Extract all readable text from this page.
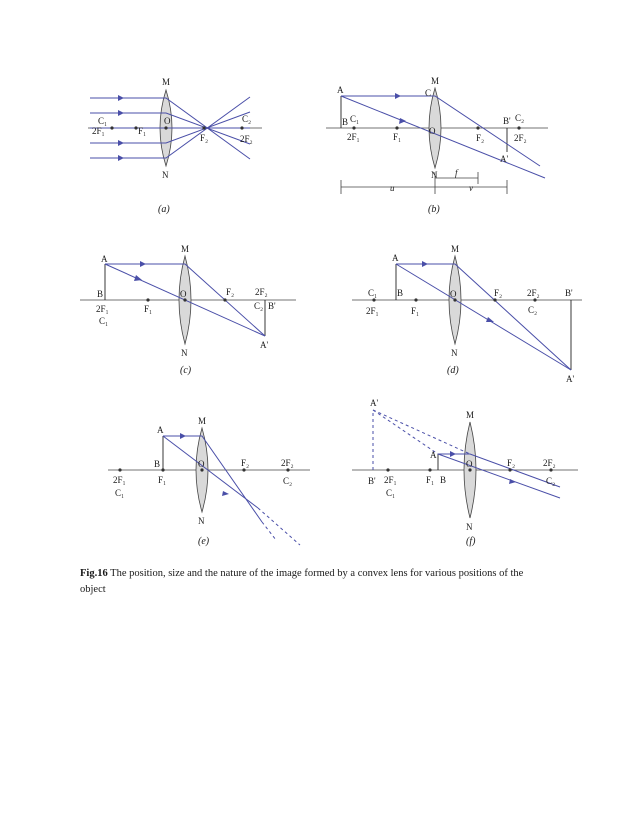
M
N
O
C₁
2F₁	F₁
F₂
C₂
2F₂
(a)
A
B C₁
2F₁	F₁
M
C
O
N
F₂
B' C₂
2F₂
A'
f
u	v
(b)
A
B
2F₁
C₁
F₁
M
O
N
F₂ 2F₂
C₂ B'
A'
(c)
A
C₁
2F₁
B
F₁
M
O
N
F₂	2F₂
C₂
B'
A'
(d)
A
B
F₁
2F₁
C₁
M
O
N
F₂	2F₂
C₂
(e)
A'
A
B' 2F₁
C₁
F₁ B
M
O
N
F₂	2F₂
C₂
(f)
Fig.16 The position, size and the nature of the image formed by a convex lens for various positions of the object
